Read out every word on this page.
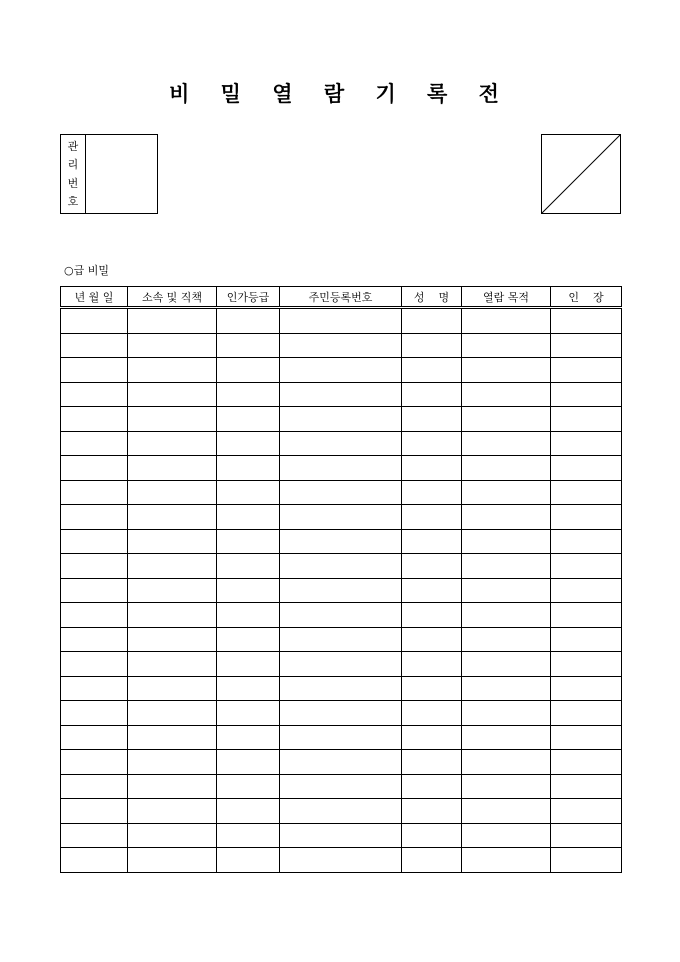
비 밀 열 람 기 록 전
관
리
번
호
○급 비밀
년 월 일	소속 및 직책	인가등급	주민등록번호	성    명	열람 목적	인    장
